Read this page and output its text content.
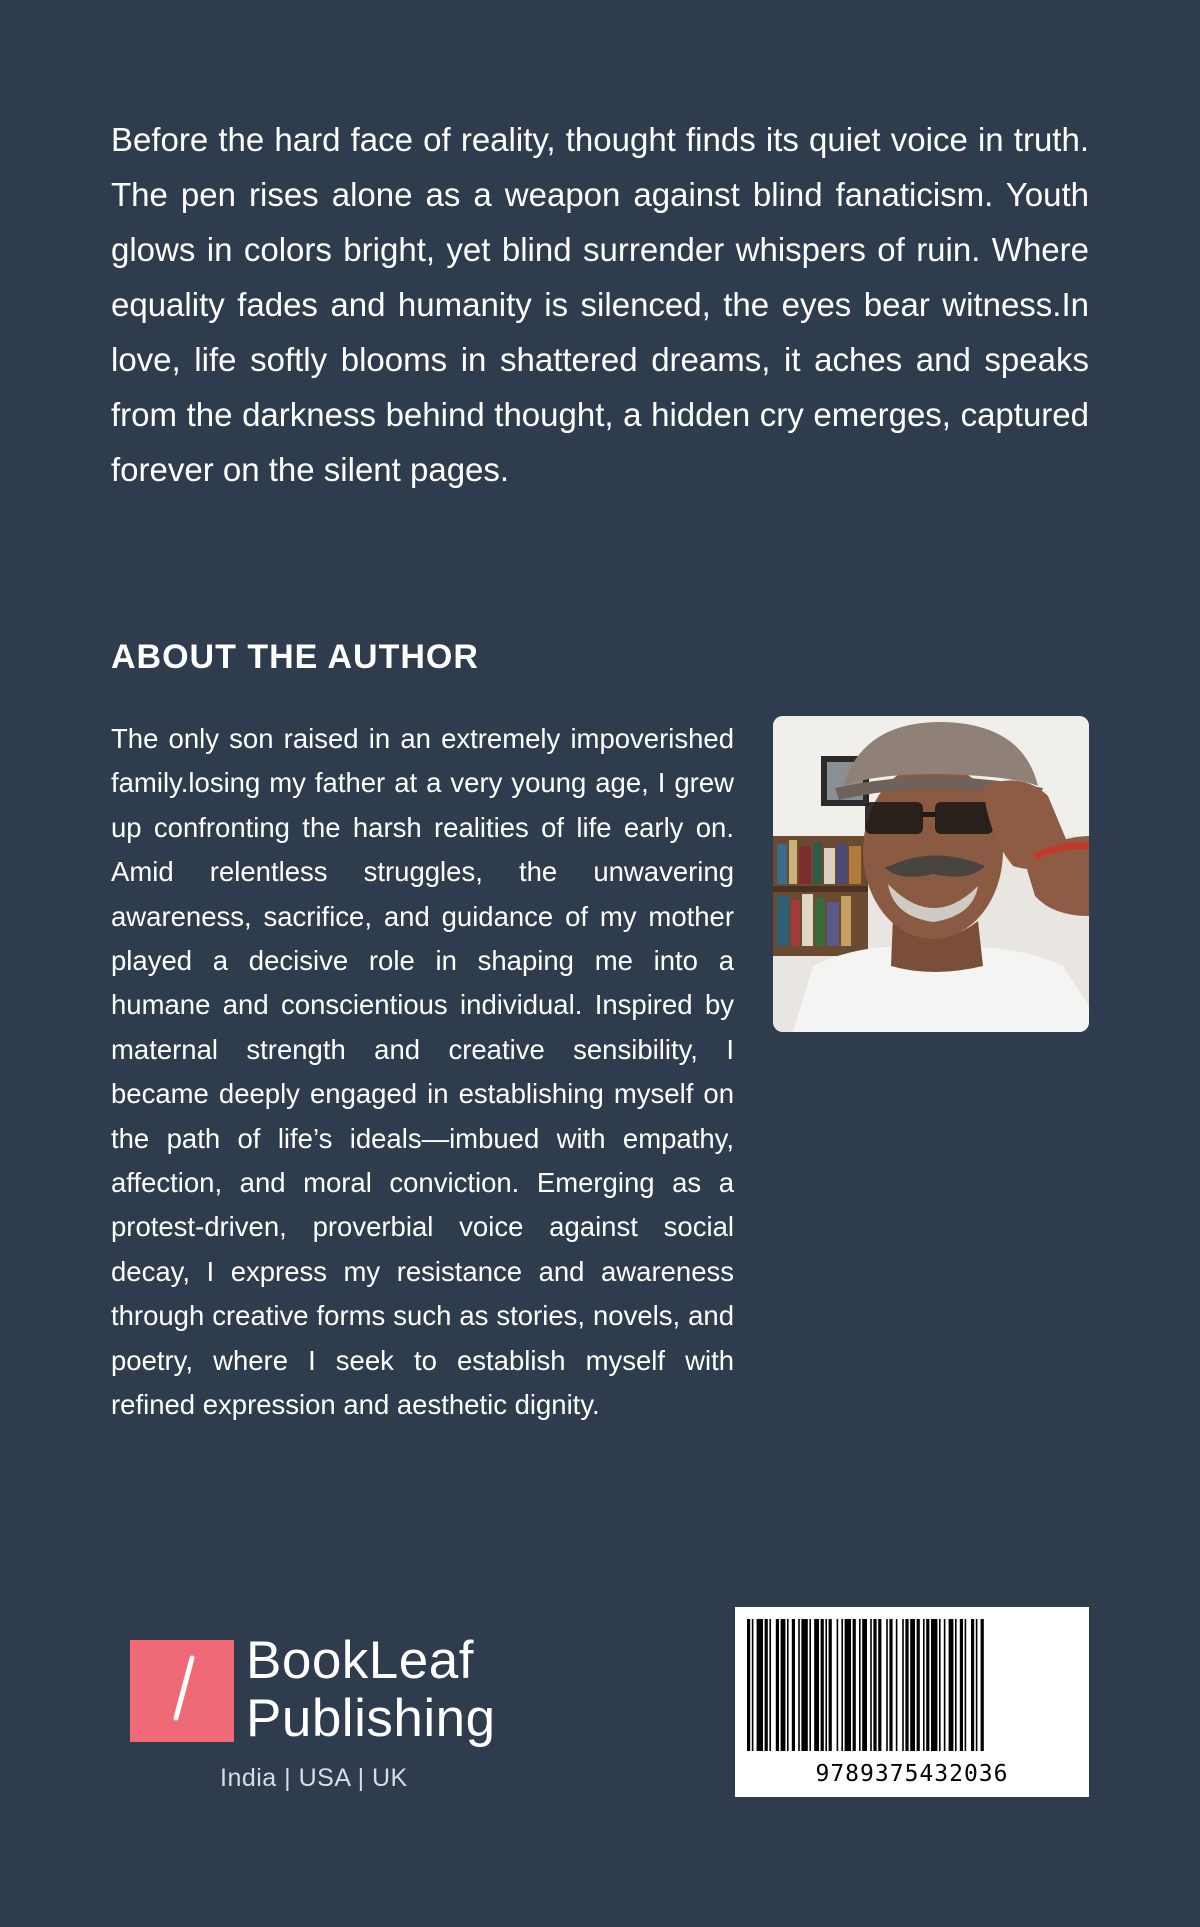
Before the hard face of reality, thought finds its quiet voice in truth. The pen rises alone as a weapon against blind fanaticism. Youth glows in colors bright, yet blind surrender whispers of ruin. Where equality fades and humanity is silenced, the eyes bear witness.In love, life softly blooms in shattered dreams, it aches and speaks from the darkness behind thought, a hidden cry emerges, captured forever on the silent pages.

ABOUT THE AUTHOR

The only son raised in an extremely impoverished family.losing my father at a very young age, I grew up confronting the harsh realities of life early on. Amid relentless struggles, the unwavering awareness, sacrifice, and guidance of my mother played a decisive role in shaping me into a humane and conscientious individual. Inspired by maternal strength and creative sensibility, I became deeply engaged in establishing myself on the path of life’s ideals—imbued with empathy, affection, and moral conviction. Emerging as a protest-driven, proverbial voice against social decay, I express my resistance and awareness through creative forms such as stories, novels, and poetry, where I seek to establish myself with refined expression and aesthetic dignity.

BookLeaf
Publishing
India | USA | UK	9789375432036
